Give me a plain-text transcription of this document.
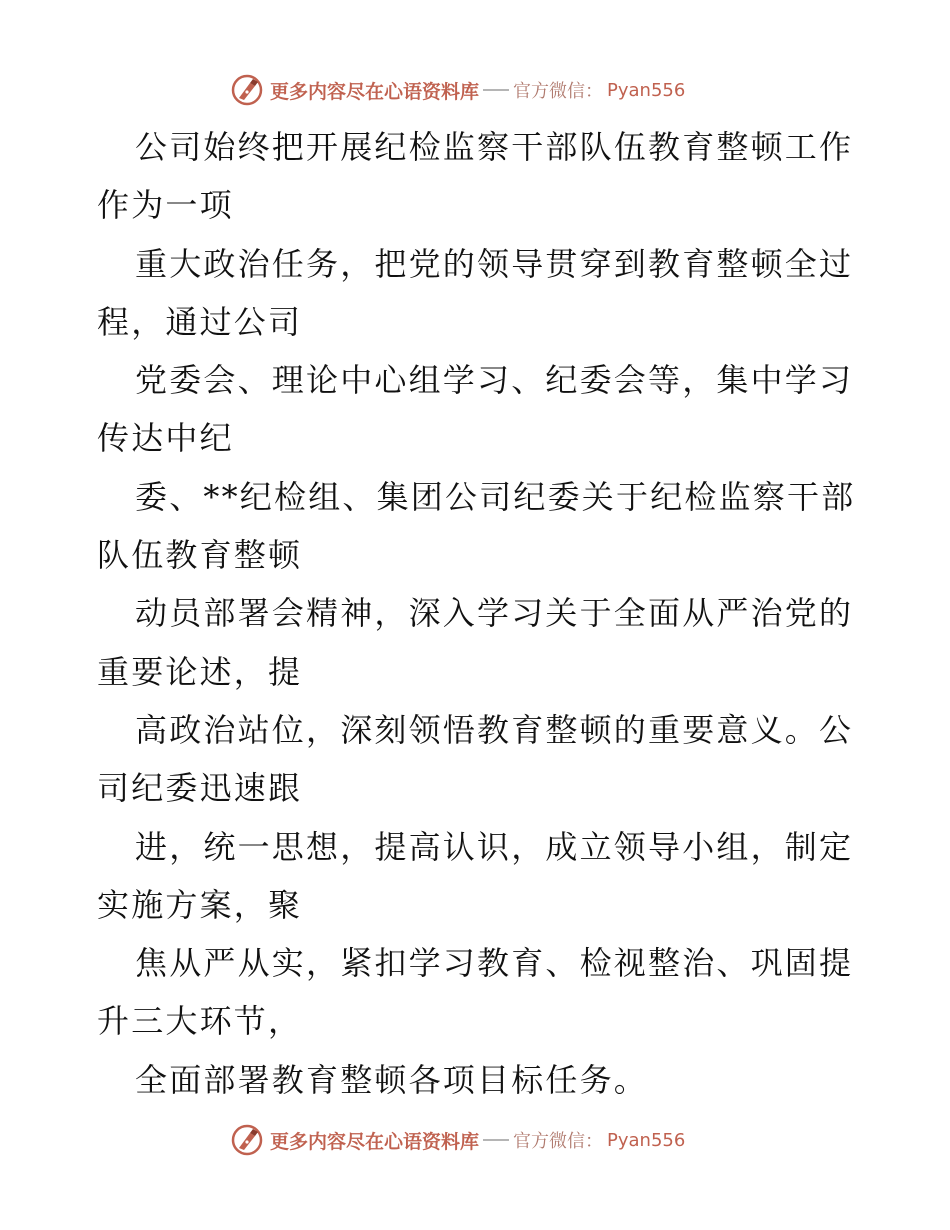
更多内容尽在心语资料库 官方微信： Pyan556
公司始终把开展纪检监察干部队伍教育整顿工作
作为一项
重大政治任务，把党的领导贯穿到教育整顿全过
程，通过公司
党委会、理论中心组学习、纪委会等，集中学习
传达中纪
委、**纪检组、集团公司纪委关于纪检监察干部
队伍教育整顿
动员部署会精神，深入学习关于全面从严治党的
重要论述，提
高政治站位，深刻领悟教育整顿的重要意义。公
司纪委迅速跟
进，统一思想，提高认识，成立领导小组，制定
实施方案，聚
焦从严从实，紧扣学习教育、检视整治、巩固提
升三大环节，
全面部署教育整顿各项目标任务。
更多内容尽在心语资料库 官方微信： Pyan556
